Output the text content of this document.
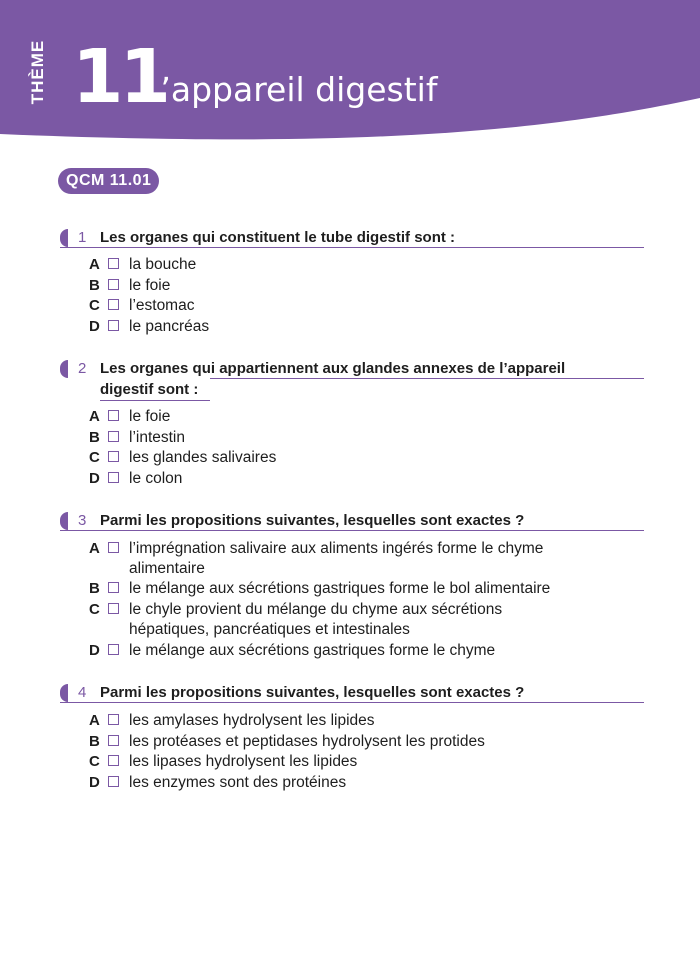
THÈME 11
L’appareil digestif
QCM 11.01
1 Les organes qui constituent le tube digestif sont :
A la bouche
B le foie
C l’estomac
D le pancréas
2 Les organes qui appartiennent aux glandes annexes de l’appareil
digestif sont :
A le foie
B l’intestin
C les glandes salivaires
D le colon
3 Parmi les propositions suivantes, lesquelles sont exactes ?
A l’imprégnation salivaire aux aliments ingérés forme le chyme
alimentaire
B le mélange aux sécrétions gastriques forme le bol alimentaire
C le chyle provient du mélange du chyme aux sécrétions
hépatiques, pancréatiques et intestinales
D le mélange aux sécrétions gastriques forme le chyme
4 Parmi les propositions suivantes, lesquelles sont exactes ?
A les amylases hydrolysent les lipides
B les protéases et peptidases hydrolysent les protides
C les lipases hydrolysent les lipides
D les enzymes sont des protéines
